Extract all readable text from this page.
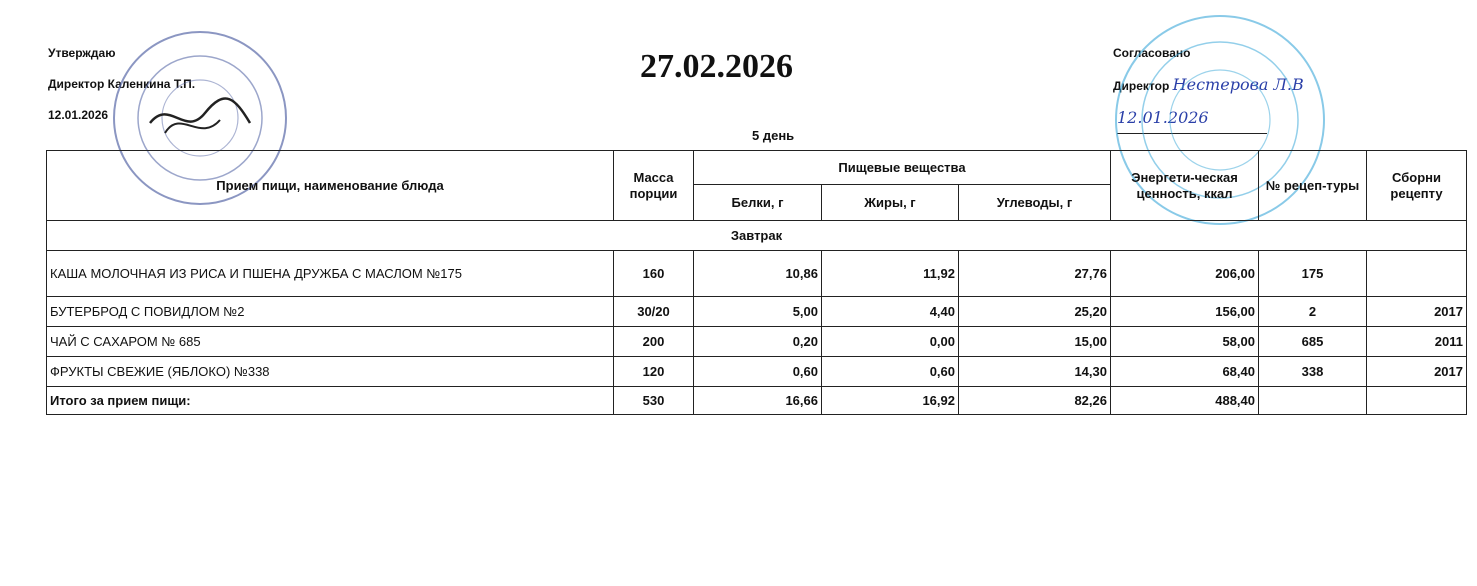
Утверждаю
Директор Каленкина Т.П.
12.01.2026
27.02.2026	Согласовано
Директор Нестерова Л.В
12.01.2026
5 день
Прием пищи, наименование блюда	Масса порции	Пищевые вещества			Энергети-ческая ценность, ккал	№ рецеп-туры	Сборни рецепту
		Белки, г	Жиры, г	Углеводы, г			
Завтрак							
КАША МОЛОЧНАЯ ИЗ РИСА И ПШЕНА ДРУЖБА С МАСЛОМ №175	160	10,86	11,92	27,76	206,00	175	
БУТЕРБРОД С ПОВИДЛОМ №2	30/20	5,00	4,40	25,20	156,00	2	2017
ЧАЙ С САХАРОМ № 685	200	0,20	0,00	15,00	58,00	685	2011
ФРУКТЫ СВЕЖИЕ (ЯБЛОКО) №338	120	0,60	0,60	14,30	68,40	338	2017
Итого за прием пищи:	530	16,66	16,92	82,26	488,40		
